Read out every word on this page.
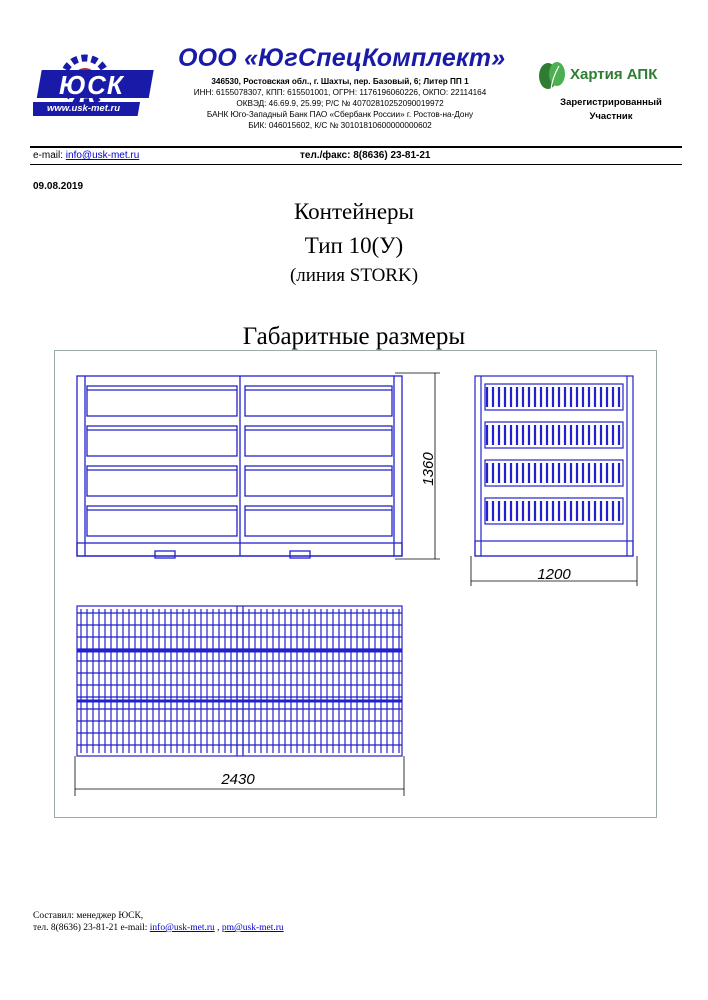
ЮСК
www.usk-met.ru
ООО «ЮгСпецКомплект»
346530, Ростовская обл., г. Шахты, пер. Базовый, 6; Литер ПП 1
ИНН: 6155078307, КПП: 615501001, ОГРН: 1176196060226, ОКПО: 22114164
ОКВЭД: 46.69.9, 25.99; Р/С № 40702810252090019972
БАНК Юго-Западный Банк ПАО «Сбербанк России» г. Ростов-на-Дону
БИК: 046015602, К/С № 30101810600000000602
Хартия АПК
Зарегистрированный
Участник
e-mail: info@usk-met.ru	тел./факс: 8(8636) 23-81-21
09.08.2019
Контейнеры
Тип 10(У)
(линия STORK)
Габаритные размеры
1360
1200
2430
Составил: менеджер ЮСК,
тел. 8(8636) 23-81-21 e-mail: info@usk-met.ru , pm@usk-met.ru
